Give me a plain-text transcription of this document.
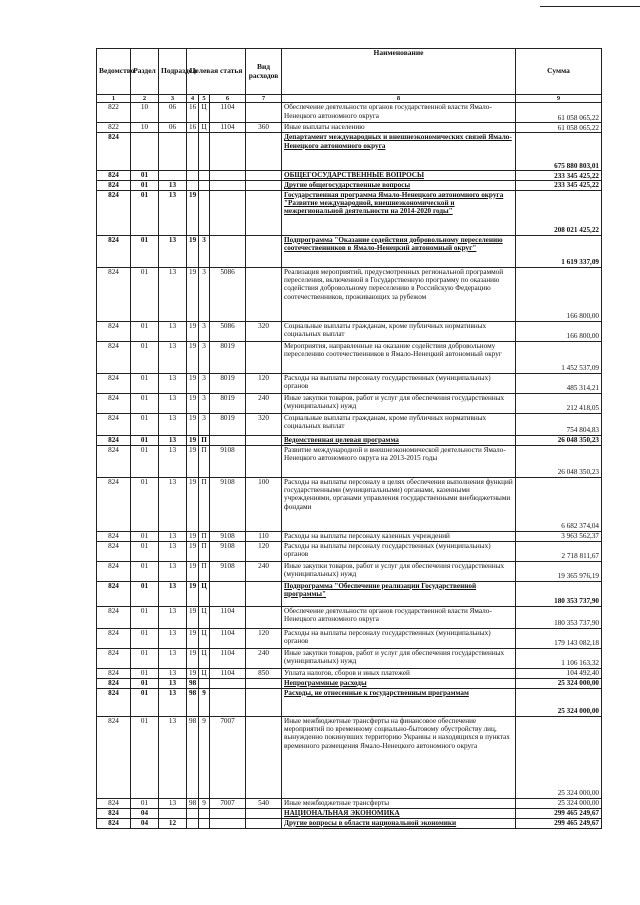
Ведомство	Раздел	Подраздел	Целевая статья			Вид расходов	Наименование	Сумма
1	2	3	4	5	6	7	8	9
822	10	06	16	Ц	1104		Обеспечение деятельности органов государственной власти Ямало-Ненецкого автономного округа	61 058 065,22
822	10	06	16	Ц	1104	360	Иные выплаты населению	61 058 065,22
824							Департамент международных и внешнеэкономических связей Ямало-Ненецкого автономного округа	675 880 803,01
824	01						ОБЩЕГОСУДАРСТВЕННЫЕ ВОПРОСЫ	233 345 425,22
824	01	13					Другие общегосударственные вопросы	233 345 425,22
824	01	13	19				Государственная программа Ямало-Ненецкого автономного округа "Развитие международной, внешнеэкономической и межрегиональной деятельности на 2014-2020 годы"	208 021 425,22
824	01	13	19	3			Подпрограмма "Оказание содействия добровольному переселению соотечественников в Ямало-Ненецкий автономный округ"	1 619 337,09
824	01	13	19	3	5086		Реализация мероприятий, предусмотренных региональной программой переселения, включенной в Государственную программу по оказанию содействия добровольному переселению в Российскую Федерацию соотечественников, проживающих за рубежом	166 800,00
824	01	13	19	3	5086	320	Социальные выплаты гражданам, кроме публичных нормативных социальных выплат	166 800,00
824	01	13	19	3	8019		Мероприятия, направленные на оказание содействия добровольному переселению соотечественников в Ямало-Ненецкий автономный округ	1 452 537,09
824	01	13	19	3	8019	120	Расходы на выплаты персоналу государственных (муниципальных) органов	485 314,21
824	01	13	19	3	8019	240	Иные закупки товаров, работ и услуг для обеспечения государственных (муниципальных) нужд	212 418,05
824	01	13	19	3	8019	320	Социальные выплаты гражданам, кроме публичных нормативных социальных выплат	754 804,83
824	01	13	19	П			Ведомственная целевая программа	26 048 350,23
824	01	13	19	П	9108		Развитие международной и внешнеэкономической деятельности Ямало-Ненецкого автономного округа на 2013-2015 годы	26 048 350,23
824	01	13	19	П	9108	100	Расходы на выплаты персоналу в целях обеспечения выполнения функций государственными (муниципальными) органами, казенными учреждениями, органами управления государственными внебюджетными фондами	6 682 374,04
824	01	13	19	П	9108	110	Расходы на выплаты персоналу казенных учреждений	3 963 562,37
824	01	13	19	П	9108	120	Расходы на выплаты персоналу государственных (муниципальных) органов	2 718 811,67
824	01	13	19	П	9108	240	Иные закупки товаров, работ и услуг для обеспечения государственных (муниципальных) нужд	19 365 976,19
824	01	13	19	Ц			Подпрограмма "Обеспечение реализации Государственной программы"	180 353 737,90
824	01	13	19	Ц	1104		Обеспечение деятельности органов государственной власти Ямало-Ненецкого автономного округа	180 353 737,90
824	01	13	19	Ц	1104	120	Расходы на выплаты персоналу государственных (муниципальных) органов	179 143 082,18
824	01	13	19	Ц	1104	240	Иные закупки товаров, работ и услуг для обеспечения государственных (муниципальных) нужд	1 106 163,32
824	01	13	19	Ц	1104	850	Уплата налогов, сборов и иных платежей	104 492,40
824	01	13	98				Непрограммные расходы	25 324 000,00
824	01	13	98	9			Расходы, не отнесенные к государственным программам	25 324 000,00
824	01	13	98	9	7007		Иные межбюджетные трансферты на финансовое обеспечение мероприятий по временному социально-бытовому обустройству лиц, вынужденно покинувших территорию Украины и находящихся в пунктах временного размещения Ямало-Ненецкого автономного округа	25 324 000,00
824	01	13	98	9	7007	540	Иные межбюджетные трансферты	25 324 000,00
824	04						НАЦИОНАЛЬНАЯ ЭКОНОМИКА	299 465 249,67
824	04	12					Другие вопросы в области национальной экономики	299 465 249,67
